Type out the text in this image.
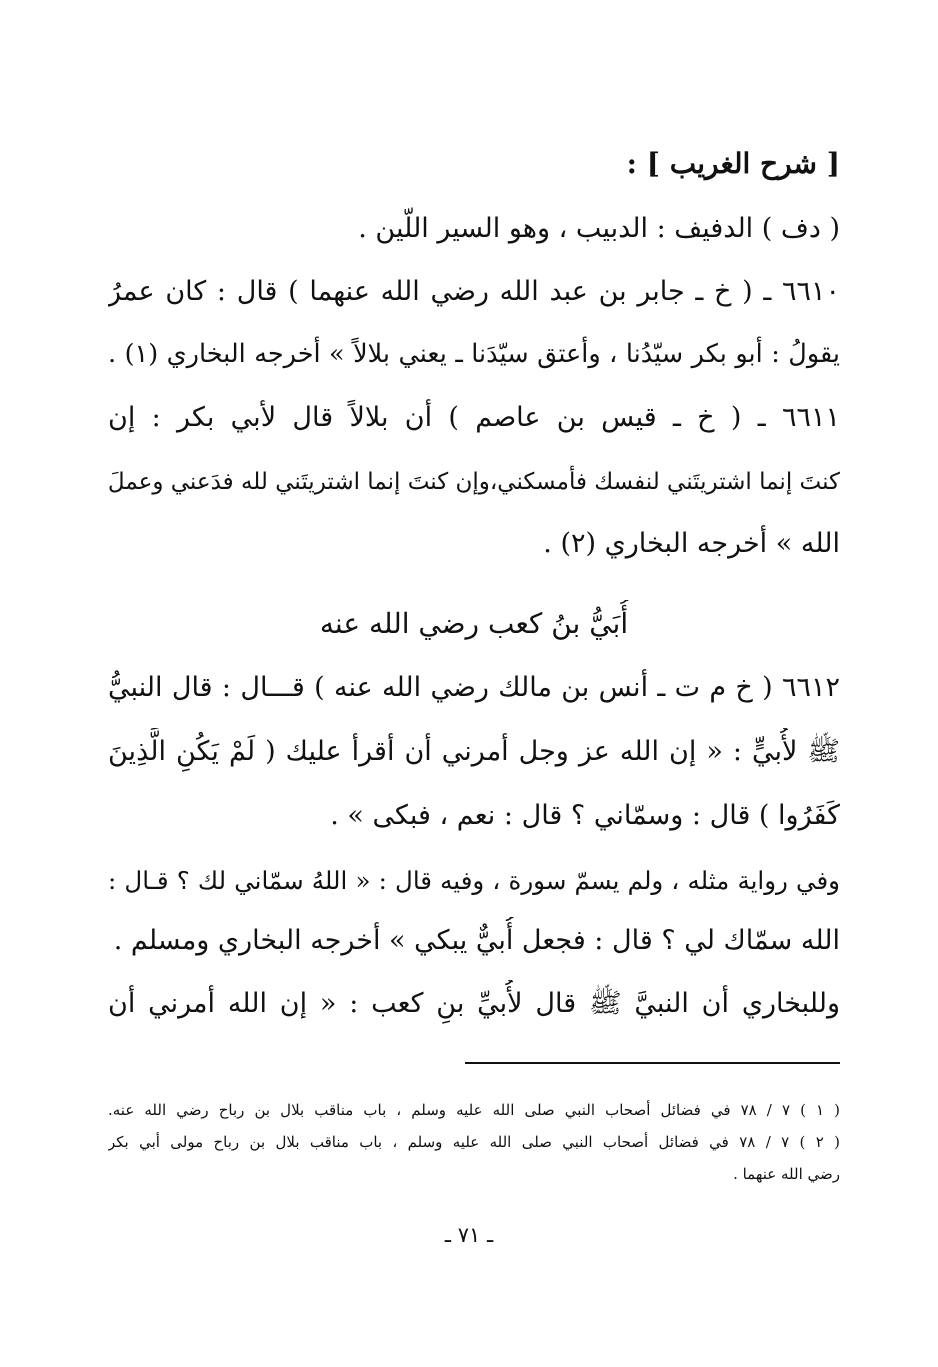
[ شرح الغريب ] :
( دف ) الدفيف : الدبيب ، وهو السير اللّين .
٦٦١٠ ـ ( خ ـ جابر بن عبد الله رضي الله عنهما ) قال : كان عمرُ
يقولُ : أبو بكر سيّدُنا ، وأعتق سيّدَنا ـ يعني بلالاً » أخرجه البخاري (١) .
٦٦١١ ـ ( خ ـ قيس بن عاصم ) أن بلالاً قال لأبي بكر : إن
كنتَ إنما اشتريتَني لنفسك فأمسكني،وإن كنتَ إنما اشتريتَني لله فدَعني وعملَ
الله » أخرجه البخاري (٢) .
أُبَيُّ بنُ كعب رضي الله عنه
٦٦١٢ ( خ م ت ـ أنس بن مالك رضي الله عنه ) قـــال : قال النبيُّ
ﷺ لأُبيٍّ : « إن الله عز وجل أمرني أن أقرأ عليك ( لَمْ يَكُنِ الَّذِينَ
كَفَرُوا ) قال : وسمّاني ؟ قال : نعم ، فبكى » .
وفي رواية مثله ، ولم يسمّ سورة ، وفيه قال : « اللهُ سمّاني لك ؟ قـال :
الله سمّاك لي ؟ قال : فجعل أُبيٌّ يبكي » أخرجه البخاري ومسلم .
وللبخاري أن النبيَّ ﷺ قال لأُبيِّ بنِ كعب : « إن الله أمرني أن
( ١ ) ٧ / ٧٨ في فضائل أصحاب النبي صلى الله عليه وسلم ، باب مناقب بلال بن رباح رضي الله عنه.
( ٢ ) ٧ / ٧٨ في فضائل أصحاب النبي صلى الله عليه وسلم ، باب مناقب بلال بن رباح مولى أبي بكر
رضي الله عنهما .
ـ ٧١ ـ
